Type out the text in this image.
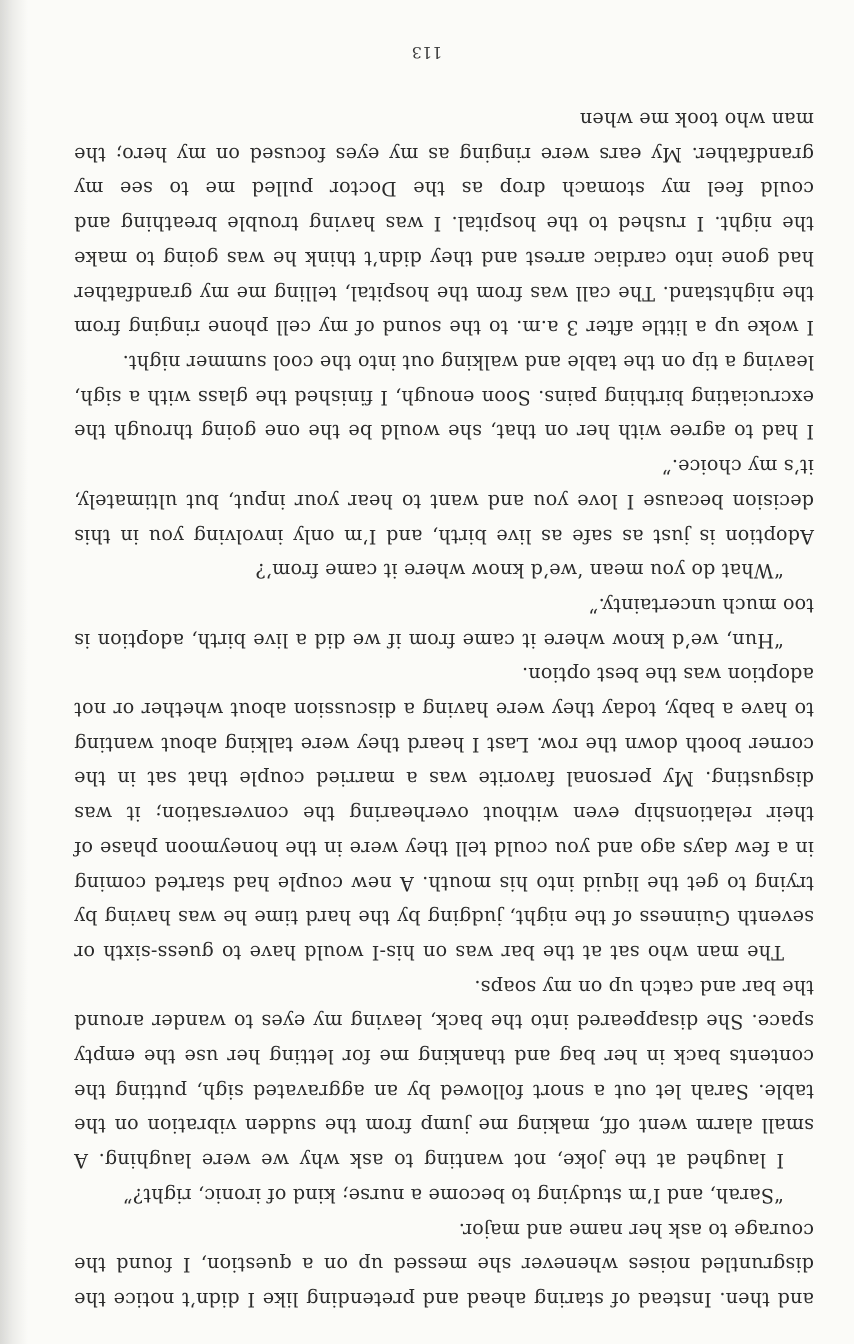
and then. Instead of staring ahead and pretending like I didn’t notice the disgruntled noises whenever she messed up on a question, I found the courage to ask her name and major.

“Sarah, and I’m studying to become a nurse; kind of ironic, right?”

I laughed at the joke, not wanting to ask why we were laughing. A small alarm went off, making me jump from the sudden vibration on the table. Sarah let out a snort followed by an aggravated sigh, putting the contents back in her bag and thanking me for letting her use the empty space. She disappeared into the back, leaving my eyes to wander around the bar and catch up on my soaps.

The man who sat at the bar was on his-I would have to guess-sixth or seventh Guinness of the night, judging by the hard time he was having by trying to get the liquid into his mouth. A new couple had started coming in a few days ago and you could tell they were in the honeymoon phase of their relationship even without overhearing the conversation; it was disgusting. My personal favorite was a married couple that sat in the corner booth down the row. Last I heard they were talking about wanting to have a baby, today they were having a discussion about whether or not adoption was the best option.

“Hun, we’d know where it came from if we did a live birth, adoption is too much uncertainty.”

“What do you mean ‘we’d know where it came from’?

Adoption is just as safe as live birth, and I’m only involving you in this decision because I love you and want to hear your input, but ultimately, it’s my choice.”

I had to agree with her on that, she would be the one going through the excruciating birthing pains. Soon enough, I finished the glass with a sigh, leaving a tip on the table and walking out into the cool summer night.

I woke up a little after 3 a.m. to the sound of my cell phone ringing from the nightstand. The call was from the hospital, telling me my grandfather had gone into cardiac arrest and they didn’t think he was going to make the night. I rushed to the hospital. I was having trouble breathing and could feel my stomach drop as the Doctor pulled me to see my grandfather. My ears were ringing as my eyes focused on my hero; the man who took me when

113
